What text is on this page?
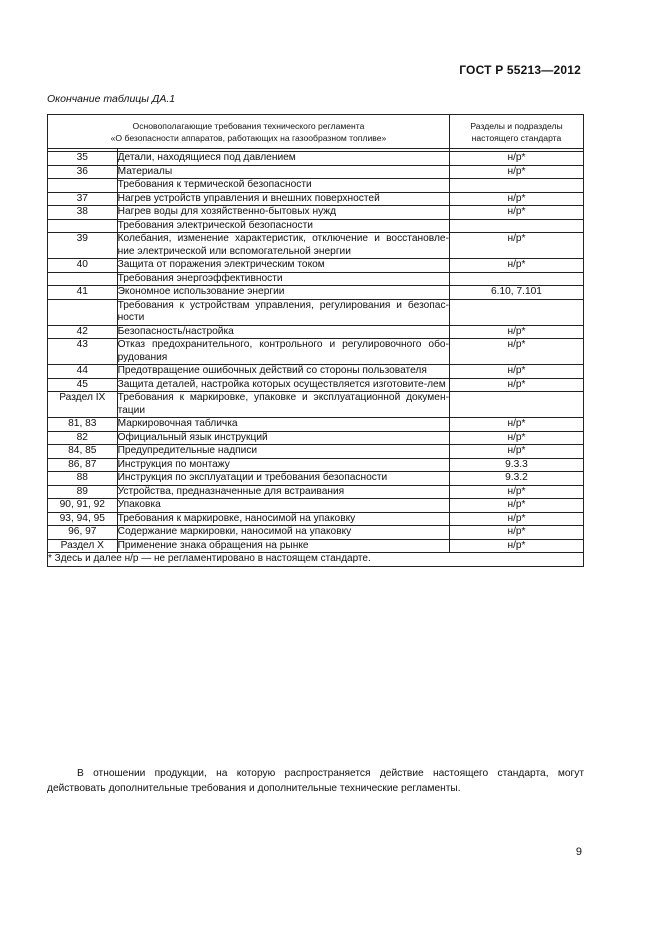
ГОСТ Р 55213—2012
Окончание таблицы ДА.1
Основополагающие требования технического регламента
«О безопасности аппаратов, работающих на газообразном топливе»		Разделы и подразделы
настоящего стандарта

35	Детали, находящиеся под давлением	н/р*
36	Материалы	н/р*
	Требования к термической безопасности	
37	Нагрев устройств управления и внешних поверхностей	н/р*
38	Нагрев воды для хозяйственно-бытовых нужд	н/р*
	Требования электрической безопасности	
39	Колебания, изменение характеристик, отключение и восстановле-ние электрической или вспомогательной энергии	н/р*
40	Защита от поражения электрическим током	н/р*
	Требования энергоэффективности	
41	Экономное использование энергии	6.10, 7.101
	Требования к устройствам управления, регулирования и безопас-ности	
42	Безопасность/настройка	н/р*
43	Отказ предохранительного, контрольного и регулировочного обо-рудования	н/р*
44	Предотвращение ошибочных действий со стороны пользователя	н/р*
45	Защита деталей, настройка которых осуществляется изготовите-лем	н/р*
Раздел IX	Требования к маркировке, упаковке и эксплуатационной докумен-тации	
81, 83	Маркировочная табличка	н/р*
82	Официальный язык инструкций	н/р*
84, 85	Предупредительные надписи	н/р*
86, 87	Инструкция по монтажу	9.3.3
88	Инструкция по эксплуатации и требования безопасности	9.3.2
89	Устройства, предназначенные для встраивания	н/р*
90, 91, 92	Упаковка	н/р*
93, 94, 95	Требования к маркировке, наносимой на упаковку	н/р*
96, 97	Содержание маркировки, наносимой на упаковку	н/р*
Раздел X	Применение знака обращения на рынке	н/р*
* Здесь и далее н/р — не регламентировано в настоящем стандарте.		
В отношении продукции, на которую распространяется действие настоящего стандарта, могут действовать дополнительные требования и дополнительные технические регламенты.
9
